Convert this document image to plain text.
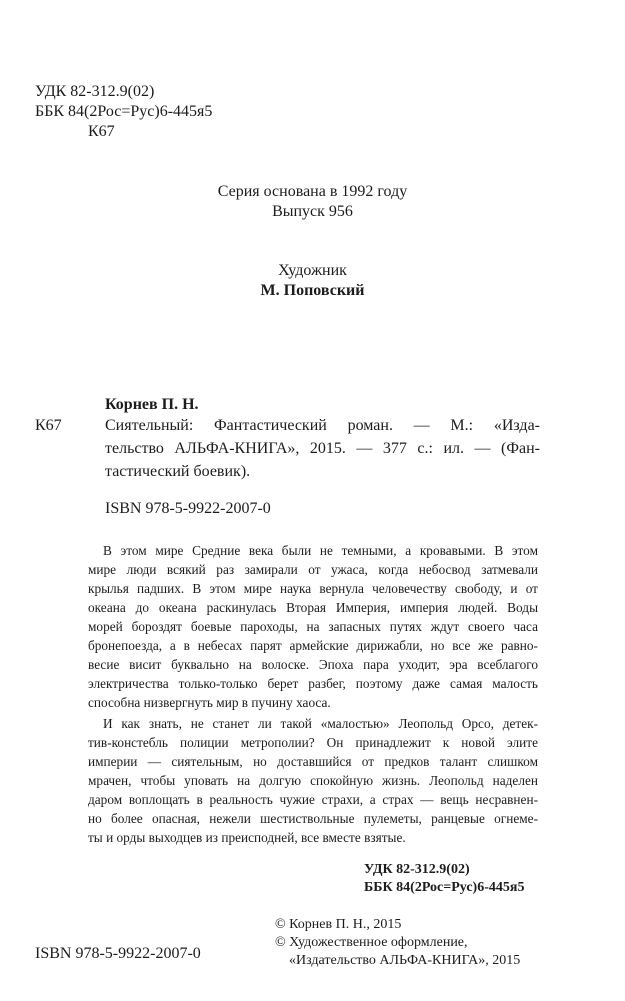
УДК 82-312.9(02)
ББК 84(2Рос=Рус)6-445я5
К67
Серия основана в 1992 году
Выпуск 956
Художник
М. Поповский
Корнев П. Н.
К67	Сиятельный: Фантастический роман. — М.: «Изда-
тельство АЛЬФА-КНИГА», 2015. — 377 с.: ил. — (Фан-
тастический боевик).
ISBN 978-5-9922-2007-0
В этом мире Средние века были не темными, а кровавыми. В этом
мире люди всякий раз замирали от ужаса, когда небосвод затмевали
крылья падших. В этом мире наука вернула человечеству свободу, и от
океана до океана раскинулась Вторая Империя, империя людей. Воды
морей бороздят боевые пароходы, на запасных путях ждут своего часа
бронепоезда, а в небесах парят армейские дирижабли, но все же равно-
весие висит буквально на волоске. Эпоха пара уходит, эра всеблагого
электричества только-только берет разбег, поэтому даже самая малость
способна низвергнуть мир в пучину хаоса.
И как знать, не станет ли такой «малостью» Леопольд Орсо, детек-
тив-констебль полиции метрополии? Он принадлежит к новой элите
империи — сиятельным, но доставшийся от предков талант слишком
мрачен, чтобы уповать на долгую спокойную жизнь. Леопольд наделен
даром воплощать в реальность чужие страхи, а страх — вещь несравнен-
но более опасная, нежели шестиствольные пулеметы, ранцевые огнеме-
ты и орды выходцев из преисподней, все вместе взятые.
УДК 82-312.9(02)
ББК 84(2Рос=Рус)6-445я5
© Корнев П. Н., 2015
© Художественное оформление,
«Издательство АЛЬФА-КНИГА», 2015
ISBN 978-5-9922-2007-0
